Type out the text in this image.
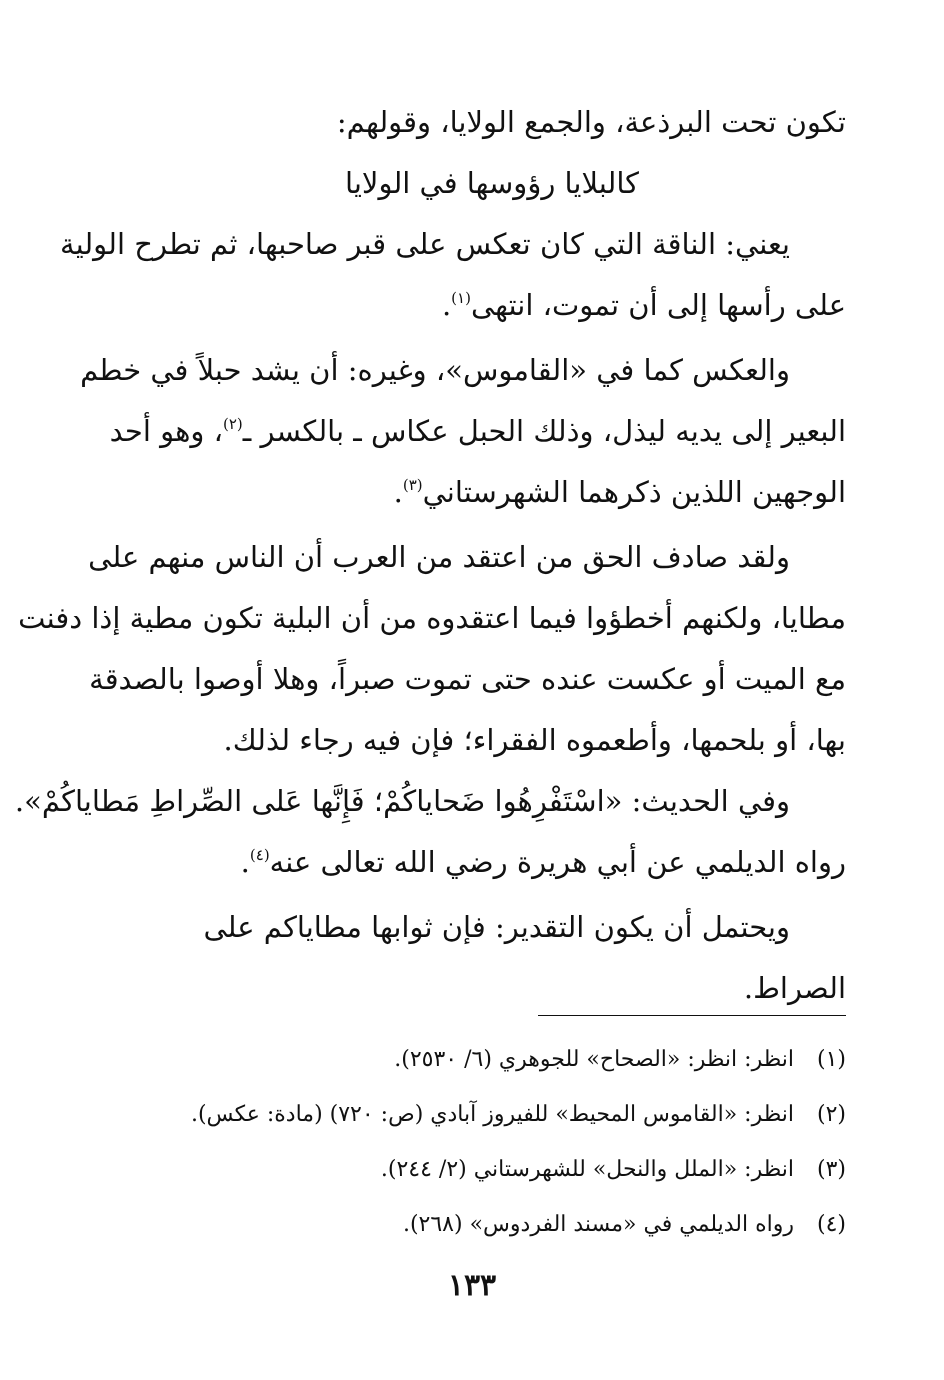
تكون تحت البرذعة، والجمع الولايا، وقولهم:
كالبلايا رؤوسها في الولايا
يعني: الناقة التي كان تعكس على قبر صاحبها، ثم تطرح الولية
على رأسها إلى أن تموت، انتهى$^{(١)}$.
والعكس كما في «القاموس»، وغيره: أن يشد حبلاً في خطم
البعير إلى يديه ليذل، وذلك الحبل عكاس ـ بالكسر ـ$^{(٢)}$، وهو أحد
الوجهين اللذين ذكرهما الشهرستاني$^{(٣)}$.
ولقد صادف الحق من اعتقد من العرب أن الناس منهم على
مطايا، ولكنهم أخطؤوا فيما اعتقدوه من أن البلية تكون مطية إذا دفنت
مع الميت أو عكست عنده حتى تموت صبراً، وهلا أوصوا بالصدقة
بها، أو بلحمها، وأطعموه الفقراء؛ فإن فيه رجاء لذلك.
وفي الحديث: «اسْتَفْرِهُوا ضَحاياكُمْ؛ فَإِنَّها عَلى الصِّراطِ مَطاياكُمْ».
رواه الديلمي عن أبي هريرة رضي الله تعالى عنه$^{(٤)}$.
ويحتمل أن يكون التقدير: فإن ثوابها مطاياكم على
الصراط.
(١)انظر: انظر: «الصحاح» للجوهري (٦/ ٢٥٣٠).
(٢)انظر: «القاموس المحيط» للفيروز آبادي (ص: ٧٢٠) (مادة: عكس).
(٣)انظر: «الملل والنحل» للشهرستاني (٢/ ٢٤٤).
(٤)رواه الديلمي في «مسند الفردوس» (٢٦٨).
١٣٣
